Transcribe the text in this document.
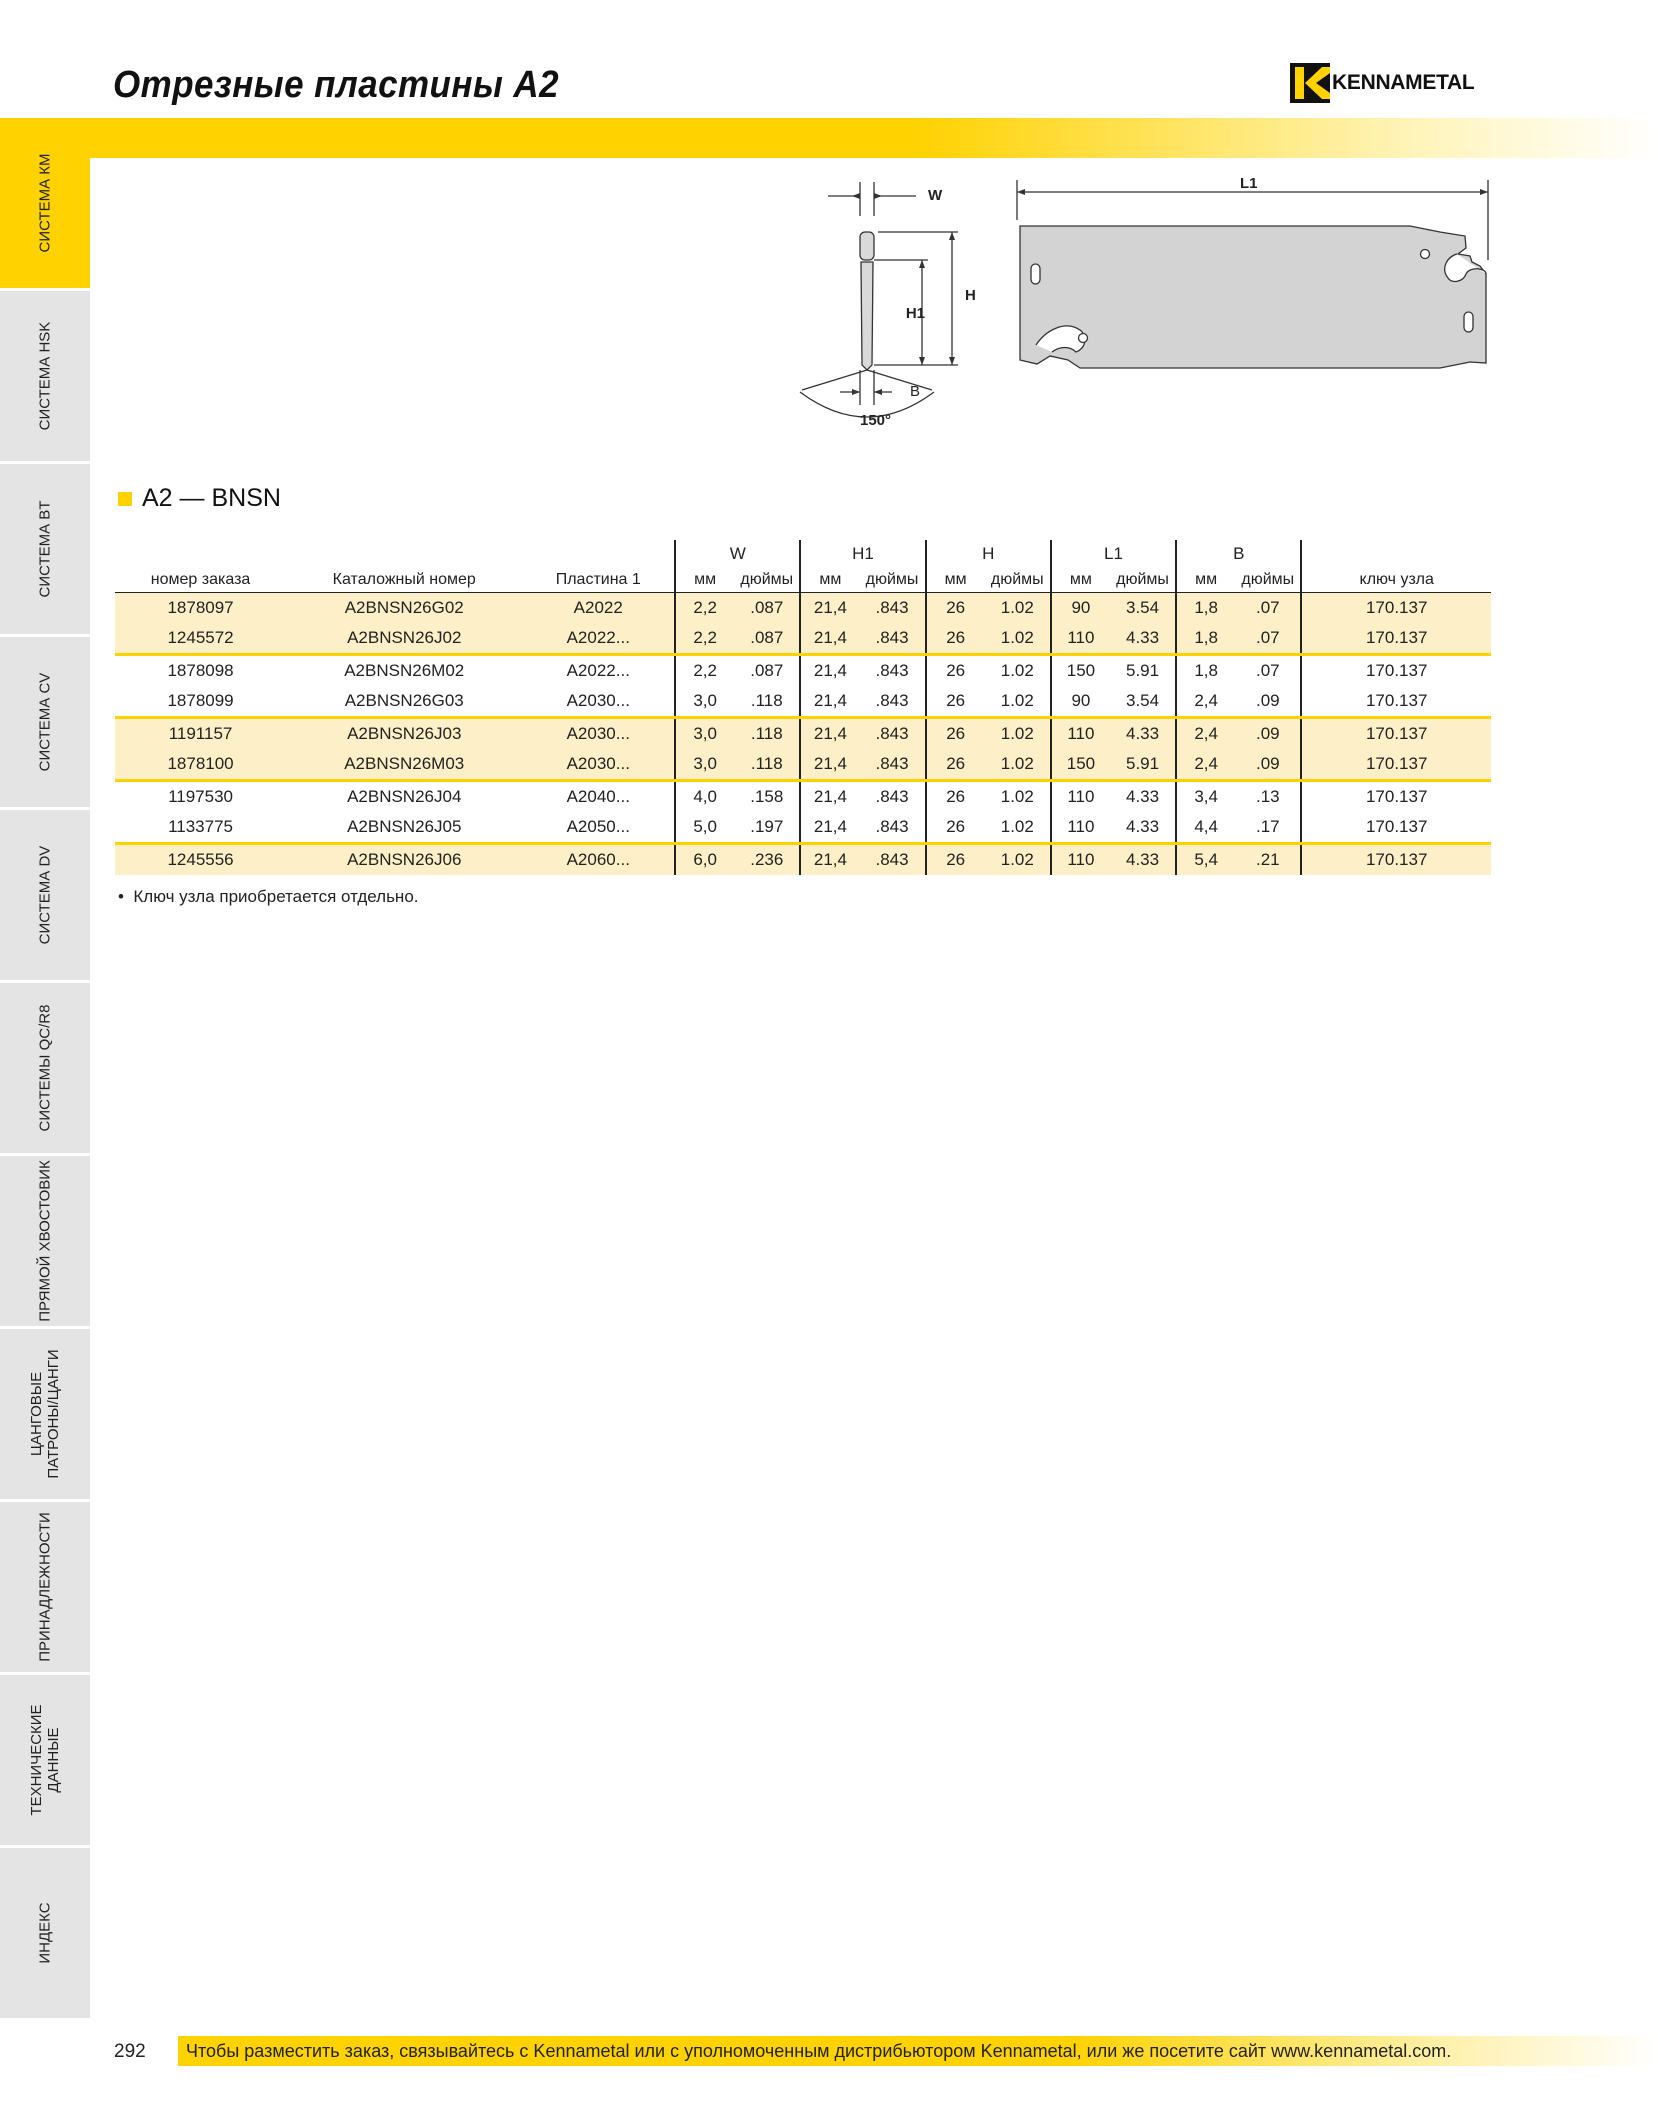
Отрезные пластины A2	KENNAMETAL
СИСТЕМА КМ
СИСТЕМА HSK
СИСТЕМА BT
СИСТЕМА CV
СИСТЕМА DV
СИСТЕМЫ QC/R8
ПРЯМОЙ ХВОСТОВИК
ЦАНГОВЫЕ
ПАТРОНЫ/ЦАНГИ
ПРИНАДЛЕЖНОСТИ
ТЕХНИЧЕСКИЕ
ДАННЫЕ
ИНДЕКС
W
H1
H
B
150°
L1
A2 — BNSN
			W		H1		H		L1		B		
номер заказа	Каталожный номер	Пластина 1	мм	дюймы	мм	дюймы	мм	дюймы	мм	дюймы	мм	дюймы	ключ узла
1878097	A2BNSN26G02	A2022	2,2	.087	21,4	.843	26	1.02	90	3.54	1,8	.07	170.137
1245572	A2BNSN26J02	A2022...	2,2	.087	21,4	.843	26	1.02	110	4.33	1,8	.07	170.137
1878098	A2BNSN26M02	A2022...	2,2	.087	21,4	.843	26	1.02	150	5.91	1,8	.07	170.137
1878099	A2BNSN26G03	A2030...	3,0	.118	21,4	.843	26	1.02	90	3.54	2,4	.09	170.137
1191157	A2BNSN26J03	A2030...	3,0	.118	21,4	.843	26	1.02	110	4.33	2,4	.09	170.137
1878100	A2BNSN26M03	A2030...	3,0	.118	21,4	.843	26	1.02	150	5.91	2,4	.09	170.137
1197530	A2BNSN26J04	A2040...	4,0	.158	21,4	.843	26	1.02	110	4.33	3,4	.13	170.137
1133775	A2BNSN26J05	A2050...	5,0	.197	21,4	.843	26	1.02	110	4.33	4,4	.17	170.137
1245556	A2BNSN26J06	A2060...	6,0	.236	21,4	.843	26	1.02	110	4.33	5,4	.21	170.137
•  Ключ узла приобретается отдельно.
292 Чтобы разместить заказ, связывайтесь с Kennametal или с уполномоченным дистрибьютором Kennametal, или же посетите сайт www.kennametal.com.
